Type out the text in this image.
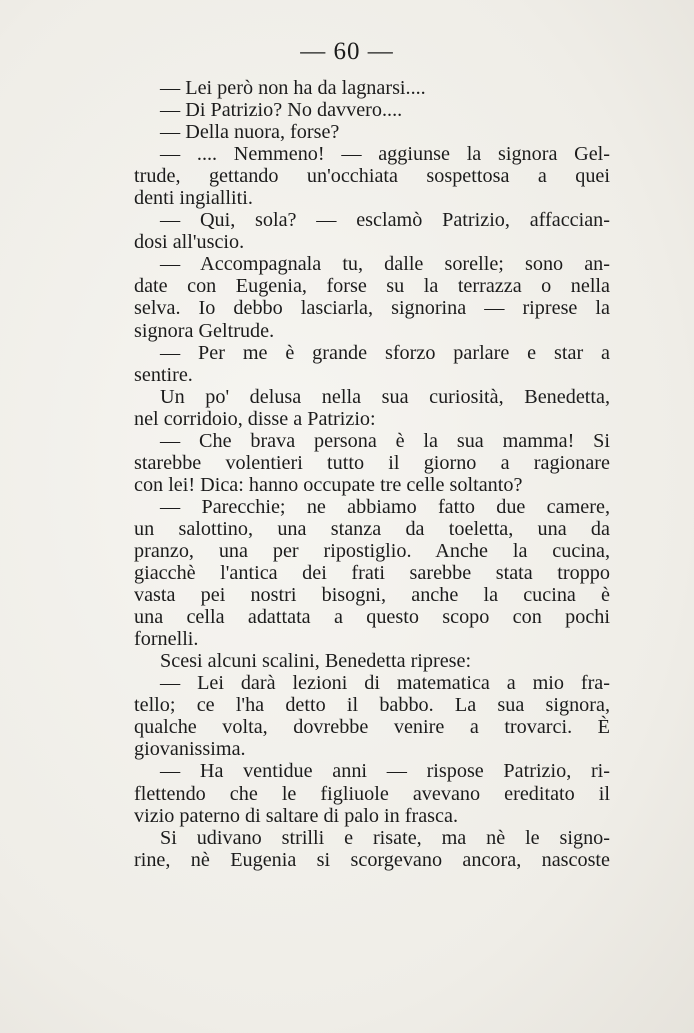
— 60 —
— Lei però non ha da lagnarsi....
— Di Patrizio? No davvero....
— Della nuora, forse?
— .... Nemmeno! — aggiunse la signora Gel-
trude, gettando un'occhiata sospettosa a quei
denti ingialliti.
— Qui, sola? — esclamò Patrizio, affaccian-
dosi all'uscio.
— Accompagnala tu, dalle sorelle; sono an-
date con Eugenia, forse su la terrazza o nella
selva. Io debbo lasciarla, signorina — riprese la
signora Geltrude.
— Per me è grande sforzo parlare e star a
sentire.
Un po' delusa nella sua curiosità, Benedetta,
nel corridoio, disse a Patrizio:
— Che brava persona è la sua mamma! Si
starebbe volentieri tutto il giorno a ragionare
con lei! Dica: hanno occupate tre celle soltanto?
— Parecchie; ne abbiamo fatto due camere,
un salottino, una stanza da toeletta, una da
pranzo, una per ripostiglio. Anche la cucina,
giacchè l'antica dei frati sarebbe stata troppo
vasta pei nostri bisogni, anche la cucina è
una cella adattata a questo scopo con pochi
fornelli.
Scesi alcuni scalini, Benedetta riprese:
— Lei darà lezioni di matematica a mio fra-
tello; ce l'ha detto il babbo. La sua signora,
qualche volta, dovrebbe venire a trovarci. È
giovanissima.
— Ha ventidue anni — rispose Patrizio, ri-
flettendo che le figliuole avevano ereditato il
vizio paterno di saltare di palo in frasca.
Si udivano strilli e risate, ma nè le signo-
rine, nè Eugenia si scorgevano ancora, nascoste
